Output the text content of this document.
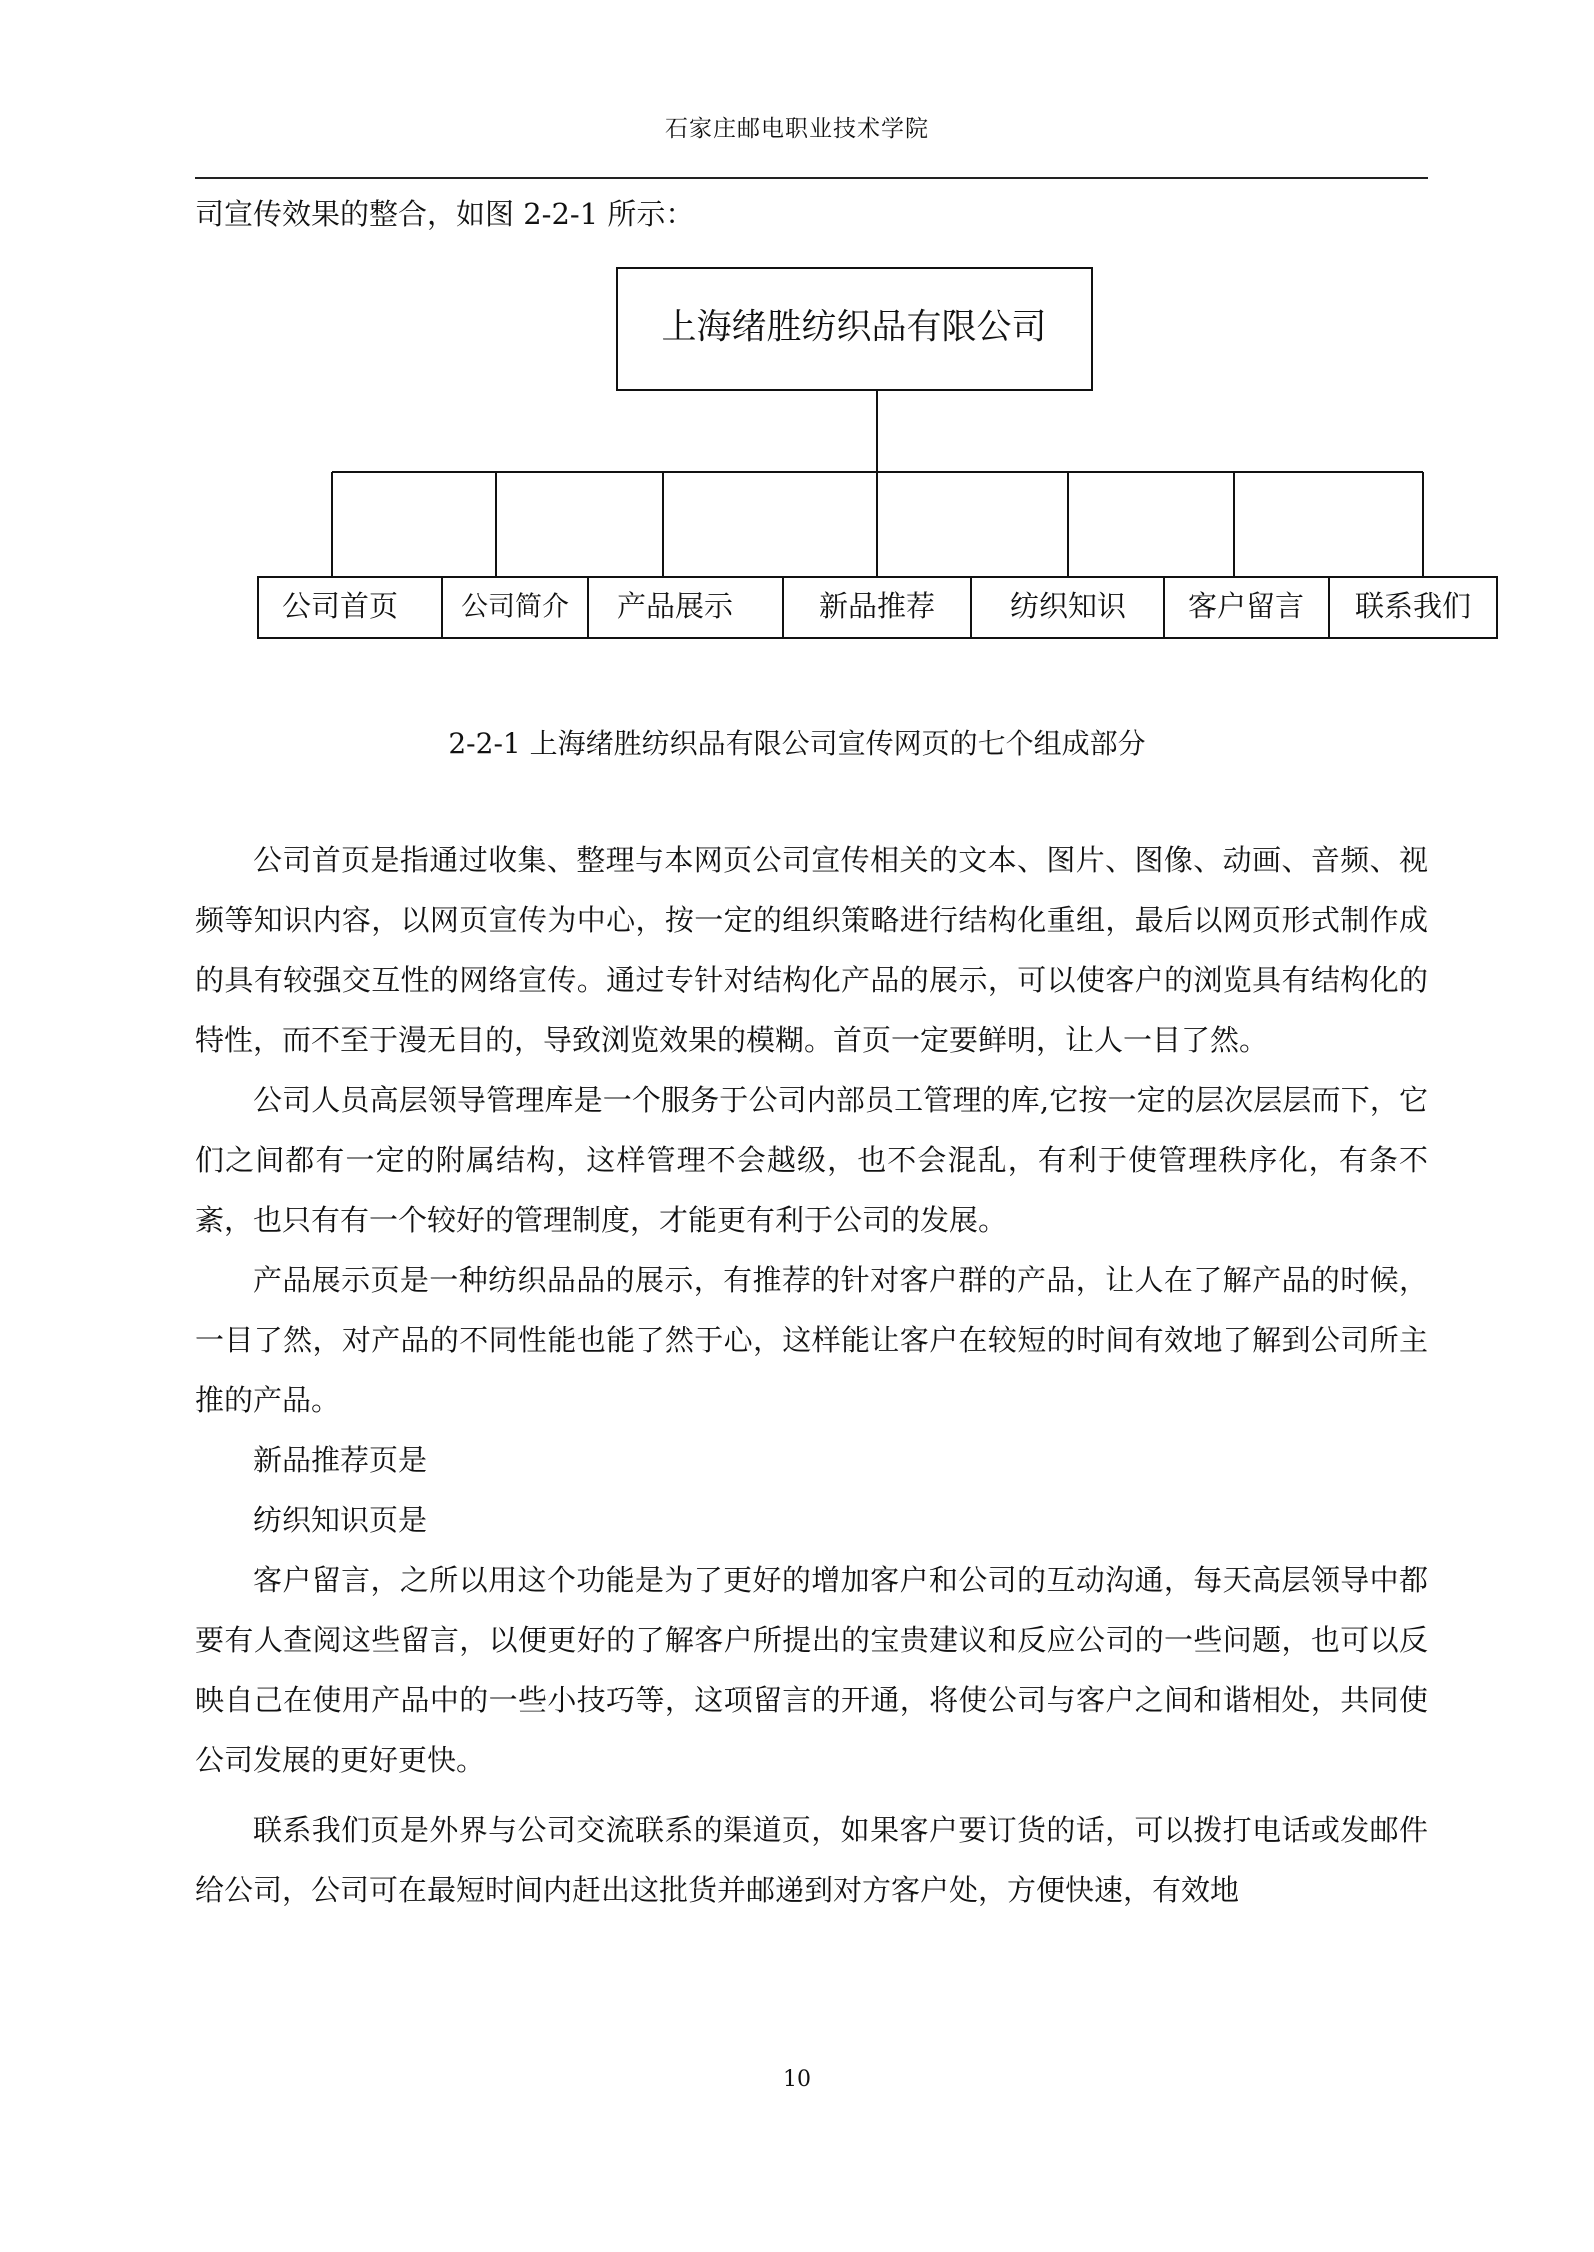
石家庄邮电职业技术学院
司宣传效果的整合，如图 2-2-1 所示：
上海绪胜纺织品有限公司
公司首页 公司简介 产品展示	新品推荐	纺织知识 客户留言 联系我们
2-2-1 上海绪胜纺织品有限公司宣传网页的七个组成部分

公司首页是指通过收集、整理与本网页公司宣传相关的文本、图片、图像、动画、音频、视频等知识内容，以网页宣传为中心，按一定的组织策略进行结构化重组，最后以网页形式制作成的具有较强交互性的网络宣传。通过专针对结构化产品的展示，可以使客户的浏览具有结构化的特性，而不至于漫无目的，导致浏览效果的模糊。首页一定要鲜明，让人一目了然。

公司人员高层领导管理库是一个服务于公司内部员工管理的库,它按一定的层次层层而下，它们之间都有一定的附属结构，这样管理不会越级，也不会混乱，有利于使管理秩序化，有条不紊，也只有有一个较好的管理制度，才能更有利于公司的发展。

产品展示页是一种纺织品品的展示，有推荐的针对客户群的产品，让人在了解产品的时候，一目了然，对产品的不同性能也能了然于心，这样能让客户在较短的时间有效地了解到公司所主推的产品。

新品推荐页是

纺织知识页是

客户留言，之所以用这个功能是为了更好的增加客户和公司的互动沟通，每天高层领导中都要有人查阅这些留言，以便更好的了解客户所提出的宝贵建议和反应公司的一些问题，也可以反映自己在使用产品中的一些小技巧等，这项留言的开通，将使公司与客户之间和谐相处，共同使公司发展的更好更快。

联系我们页是外界与公司交流联系的渠道页，如果客户要订货的话，可以拨打电话或发邮件给公司，公司可在最短时间内赶出这批货并邮递到对方客户处，方便快速，有效地

10
